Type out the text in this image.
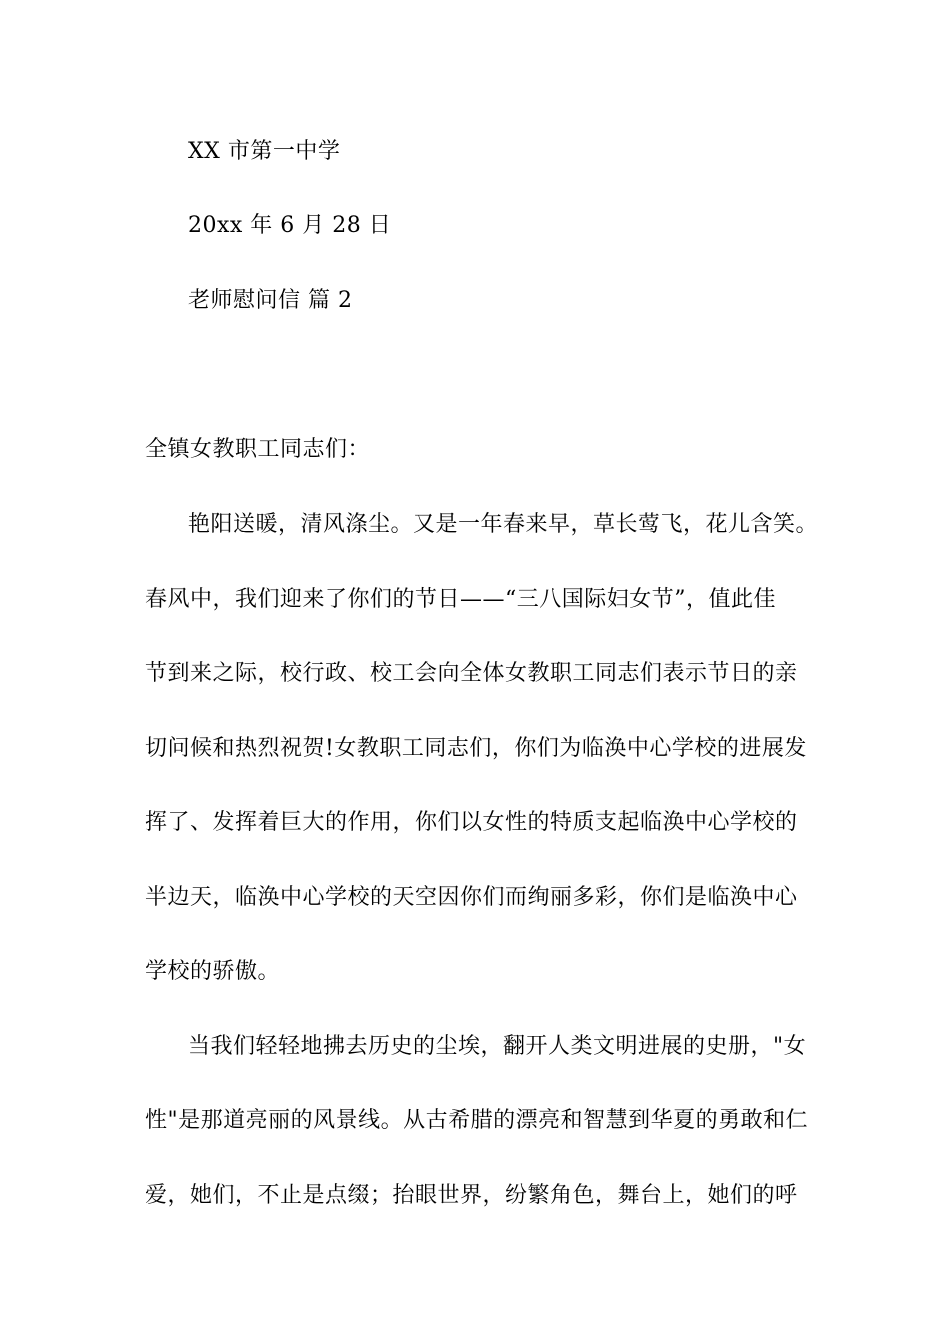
XX 市第一中学
20xx 年 6 月 28 日
老师慰问信 篇 2
全镇女教职工同志们：
艳阳送暖，清风涤尘。又是一年春来早，草长莺飞，花儿含笑。
春风中，我们迎来了你们的节日——“三八国际妇女节”，值此佳
节到来之际，校行政、校工会向全体女教职工同志们表示节日的亲
切问候和热烈祝贺!女教职工同志们，你们为临涣中心学校的进展发
挥了、发挥着巨大的作用，你们以女性的特质支起临涣中心学校的
半边天，临涣中心学校的天空因你们而绚丽多彩，你们是临涣中心
学校的骄傲。
当我们轻轻地拂去历史的尘埃，翻开人类文明进展的史册，"女
性"是那道亮丽的风景线。从古希腊的漂亮和智慧到华夏的勇敢和仁
爱，她们，不止是点缀；抬眼世界，纷繁角色，舞台上，她们的呼
